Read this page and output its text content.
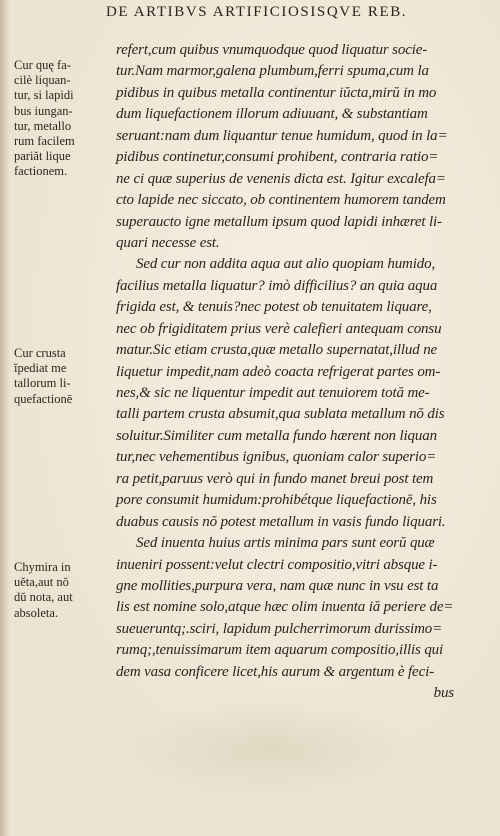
DE ARTIBVS ARTIFICIOSISQVE REB.
Cur quę fa-
cilè liquan-
tur, si lapidi
bus iungan-
tur, metallo
rum facilem
pariăt lique
factionem.
Cur crusta
ĭpediat me
tallorum li-
quefactionē
Chymira in
uĕta,aut nŏ
dŭ nota, aut
absoleta.
refert,cum quibus vnumquodque quod liquatur socie-
tur.Nam marmor,galena plumbum,ferri spuma,cum la
pidibus in quibus metalla continentur iŭcta,mirŭ in mo
dum liquefactionem illorum adiuuant, & substantiam
seruant:nam dum liquantur tenue humidum, quod in la=
pidibus continetur,consumi prohibent, contraria ratio=
ne ci quæ superius de venenis dicta est. Igitur excalefa=
cto lapide nec siccato, ob continentem humorem tandem
superaucto igne metallum ipsum quod lapidi inhæret li-
quari necesse est.
Sed cur non addita aqua aut alio quopiam humido,
facilius metalla liquatur? imò difficilius? an quia aqua
frigida est, & tenuis?nec potest ob tenuitatem liquare,
nec ob frigiditatem prius verè calefieri antequam consu
matur.Sic etiam crusta,quæ metallo supernatat,illud ne
liquetur impedit,nam adeò coacta refrigerat partes om-
nes,& sic ne liquentur impedit aut tenuiorem totă me-
talli partem crusta absumit,qua sublata metallum nŏ dis
soluitur.Similiter cum metalla fundo hærent non liquan
tur,nec vehementibus ignibus, quoniam calor superio=
ra petit,paruus verò qui in fundo manet breui post tem
pore consumit humidum:prohibétque liquefactionē, his
duabus causis nŏ potest metallum in vasis fundo liquari.
Sed inuenta huius artis minima pars sunt eorŭ quæ
inueniri possent:velut clectri compositio,vitri absque i-
gne mollities,purpura vera, nam quæ nunc in vsu est ta
lis est nomine solo,atque hæc olim inuenta iă perierе de=
sueueruntq;.sciri, lapidum pulcherrimorum durissimo=
rumq;,tenuissimarum item aquarum compositio,illis qui
dem vasa conficere licet,his aurum & argentum è feci-
bus
